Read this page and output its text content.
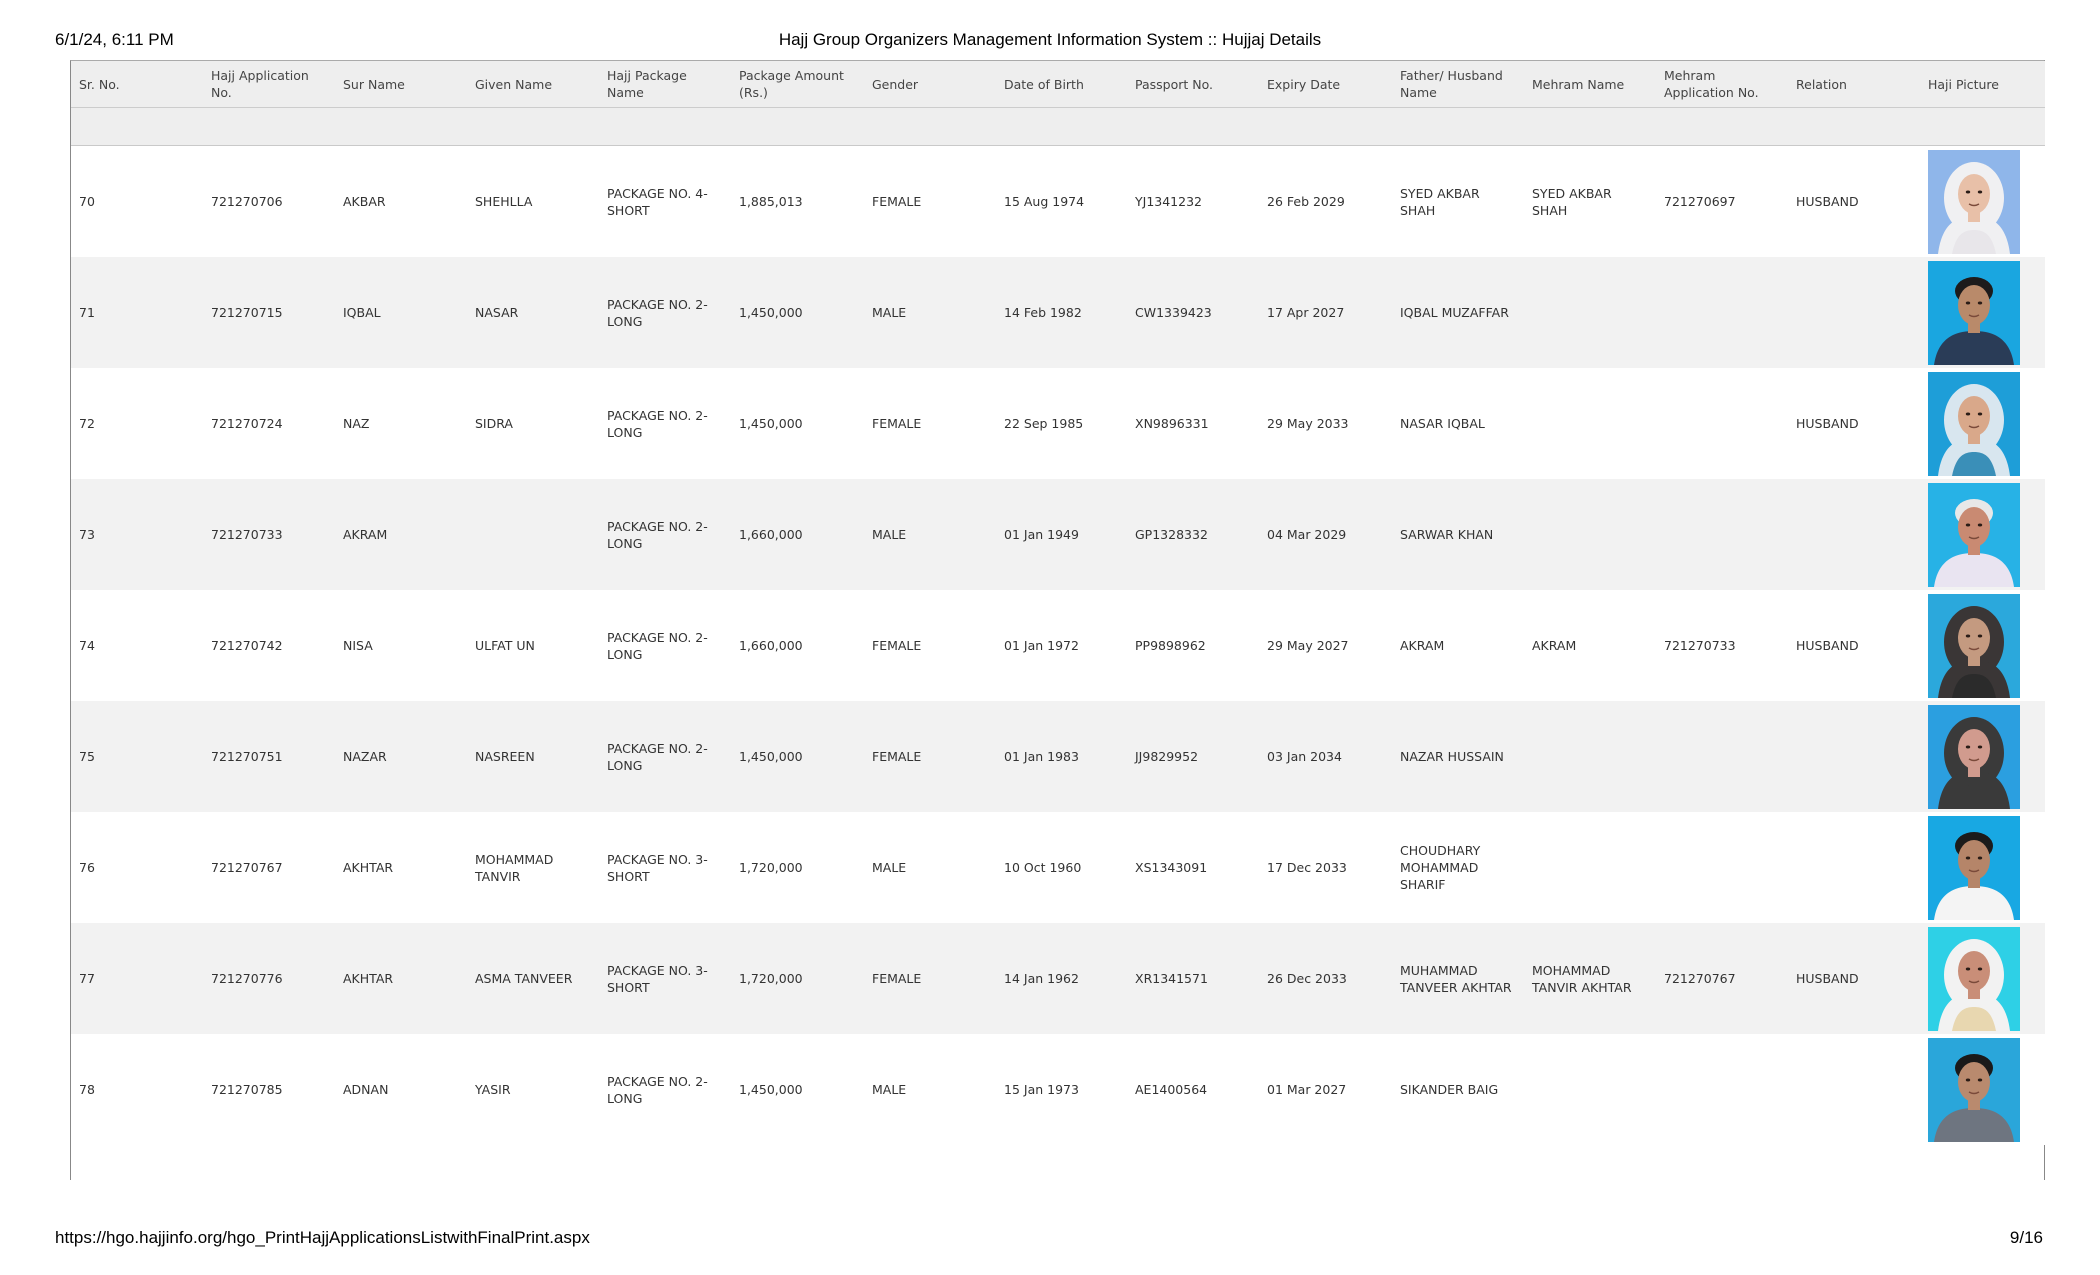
6/1/24, 6:11 PM	Hajj Group Organizers Management Information System :: Hujjaj Details
Sr. No.	Hajj Application No.	Sur Name	Given Name	Hajj Package Name	Package Amount (Rs.)	Gender	Date of Birth	Passport No.	Expiry Date	Father/ Husband Name	Mehram Name	Mehram Application No.	Relation	Haji Picture

70	721270706	AKBAR	SHEHLLA	PACKAGE NO. 4-SHORT	1,885,013	FEMALE	15 Aug 1974	YJ1341232	26 Feb 2029	SYED AKBAR SHAH	SYED AKBAR SHAH	721270697	HUSBAND	

71	721270715	IQBAL	NASAR	PACKAGE NO. 2-LONG	1,450,000	MALE	14 Feb 1982	CW1339423	17 Apr 2027	IQBAL MUZAFFAR				

72	721270724	NAZ	SIDRA	PACKAGE NO. 2-LONG	1,450,000	FEMALE	22 Sep 1985	XN9896331	29 May 2033	NASAR IQBAL			HUSBAND	

73	721270733	AKRAM		PACKAGE NO. 2-LONG	1,660,000	MALE	01 Jan 1949	GP1328332	04 Mar 2029	SARWAR KHAN				

74	721270742	NISA	ULFAT UN	PACKAGE NO. 2-LONG	1,660,000	FEMALE	01 Jan 1972	PP9898962	29 May 2027	AKRAM	AKRAM	721270733	HUSBAND	

75	721270751	NAZAR	NASREEN	PACKAGE NO. 2-LONG	1,450,000	FEMALE	01 Jan 1983	JJ9829952	03 Jan 2034	NAZAR HUSSAIN				

76	721270767	AKHTAR	MOHAMMAD TANVIR	PACKAGE NO. 3-SHORT	1,720,000	MALE	10 Oct 1960	XS1343091	17 Dec 2033	CHOUDHARY MOHAMMAD SHARIF				

77	721270776	AKHTAR	ASMA TANVEER	PACKAGE NO. 3-SHORT	1,720,000	FEMALE	14 Jan 1962	XR1341571	26 Dec 2033	MUHAMMAD TANVEER AKHTAR	MOHAMMAD TANVIR AKHTAR	721270767	HUSBAND	

78	721270785	ADNAN	YASIR	PACKAGE NO. 2-LONG	1,450,000	MALE	15 Jan 1973	AE1400564	01 Mar 2027	SIKANDER BAIG				
https://hgo.hajjinfo.org/hgo_PrintHajjApplicationsListwithFinalPrint.aspx	9/16
